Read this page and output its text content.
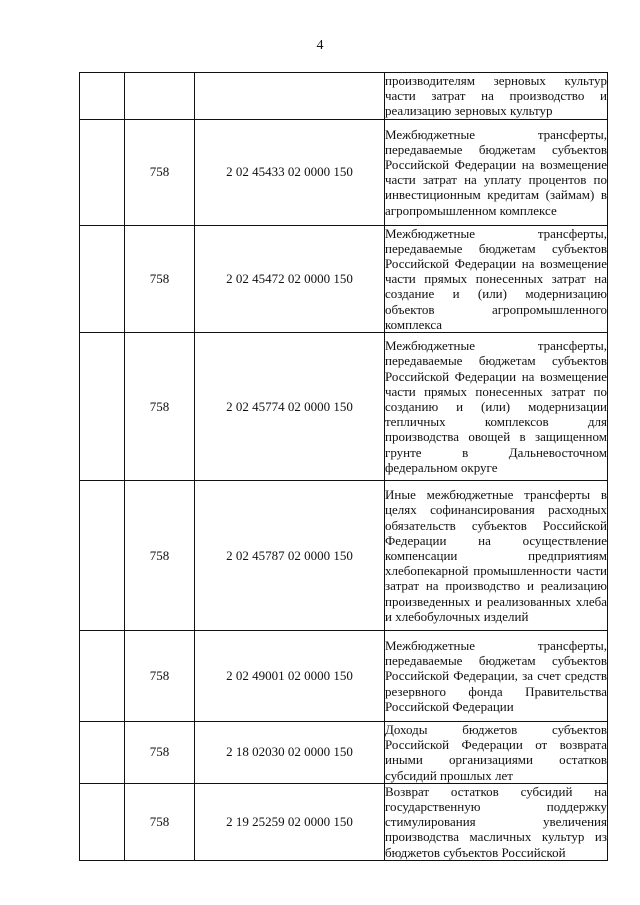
4
			производителям зерновых культур части затрат на производство и реализацию зерновых культур
	758	2 02 45433 02 0000 150	Межбюджетные трансферты, передаваемые бюджетам субъектов Российской Федерации на возмещение части затрат на уплату процентов по инвестиционным кредитам (займам) в агропромышленном комплексе
	758	2 02 45472 02 0000 150	Межбюджетные трансферты, передаваемые бюджетам субъектов Российской Федерации на возмещение части прямых понесенных затрат на создание и (или) модернизацию объектов агропромышленного комплекса
	758	2 02 45774 02 0000 150	Межбюджетные трансферты, передаваемые бюджетам субъектов Российской Федерации на возмещение части прямых понесенных затрат по созданию и (или) модернизации тепличных комплексов для производства овощей в защищенном грунте в Дальневосточном федеральном округе
	758	2 02 45787 02 0000 150	Иные межбюджетные трансферты в целях софинансирования расходных обязательств субъектов Российской Федерации на осуществление компенсации предприятиям хлебопекарной промышленности части затрат на производство и реализацию произведенных и реализованных хлеба и хлебобулочных изделий
	758	2 02 49001 02 0000 150	Межбюджетные трансферты, передаваемые бюджетам субъектов Российской Федерации, за счет средств резервного фонда Правительства Российской Федерации
	758	2 18 02030 02 0000 150	Доходы бюджетов субъектов Российской Федерации от возврата иными организациями остатков субсидий прошлых лет
	758	2 19 25259 02 0000 150	Возврат остатков субсидий на государственную поддержку стимулирования увеличения производства масличных культур из бюджетов субъектов Российской
